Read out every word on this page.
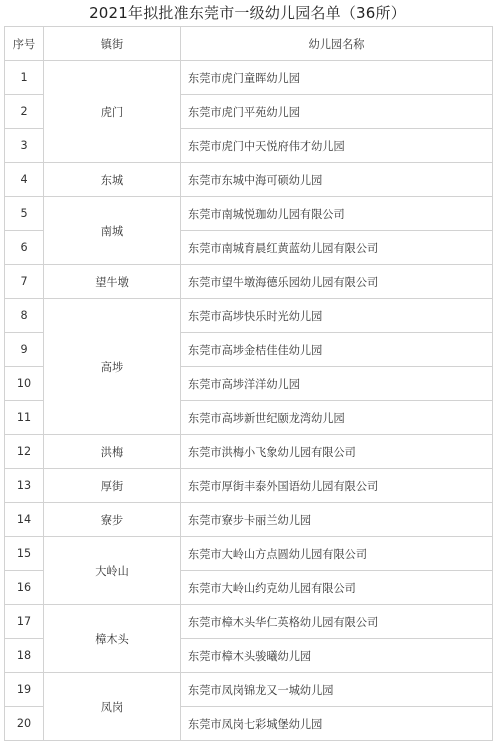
2021年拟批准东莞市一级幼儿园名单（36所）
序号	镇街	幼儿园名称
1	虎门	东莞市虎门童晖幼儿园
2		东莞市虎门平苑幼儿园
3		东莞市虎门中天悦府伟才幼儿园
4	东城	东莞市东城中海可硕幼儿园
5	南城	东莞市南城悦珈幼儿园有限公司
6		东莞市南城育晨红黄蓝幼儿园有限公司
7	望牛墩	东莞市望牛墩海德乐园幼儿园有限公司
8	高埗	东莞市高埗快乐时光幼儿园
9		东莞市高埗金桔佳佳幼儿园
10		东莞市高埗洋洋幼儿园
11		东莞市高埗新世纪颐龙湾幼儿园
12	洪梅	东莞市洪梅小飞象幼儿园有限公司
13	厚街	东莞市厚街丰泰外国语幼儿园有限公司
14	寮步	东莞市寮步卡丽兰幼儿园
15	大岭山	东莞市大岭山方点圆幼儿园有限公司
16		东莞市大岭山约克幼儿园有限公司
17	樟木头	东莞市樟木头华仁英格幼儿园有限公司
18		东莞市樟木头骏曦幼儿园
19	凤岗	东莞市凤岗锦龙又一城幼儿园
20		东莞市凤岗七彩城堡幼儿园
